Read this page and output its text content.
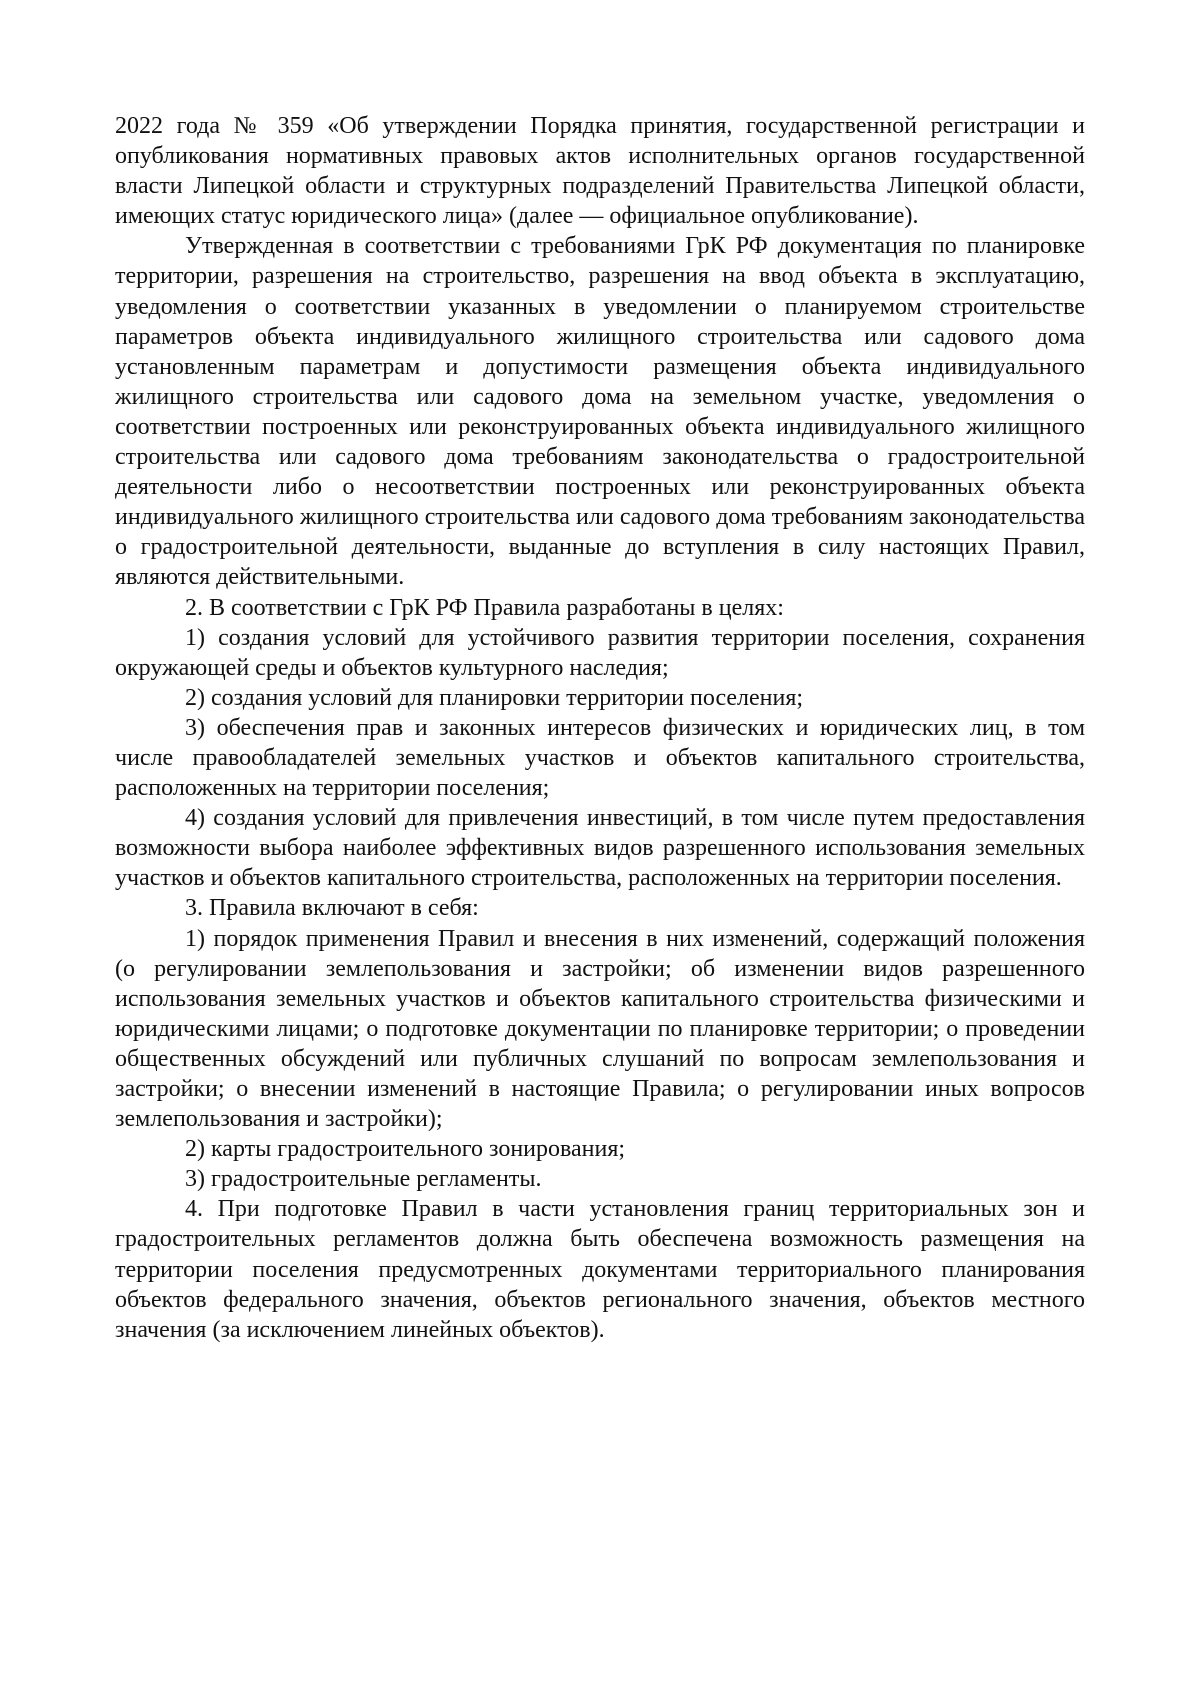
2022 года № 359 «Об утверждении Порядка принятия, государственной регистрации и опубликования нормативных правовых актов исполнительных органов государственной власти Липецкой области и структурных подразделений Правительства Липецкой области, имеющих статус юридического лица» (далее — официальное опубликование).

Утвержденная в соответствии с требованиями ГрК РФ документация по планировке территории, разрешения на строительство, разрешения на ввод объекта в эксплуатацию, уведомления о соответствии указанных в уведомлении о планируемом строительстве параметров объекта индивидуального жилищного строительства или садового дома установленным параметрам и допустимости размещения объекта индивидуального жилищного строительства или садового дома на земельном участке, уведомления о соответствии построенных или реконструированных объекта индивидуального жилищного строительства или садового дома требованиям законодательства о градостроительной деятельности либо о несоответствии построенных или реконструированных объекта индивидуального жилищного строительства или садового дома требованиям законодательства о градостроительной деятельности, выданные до вступления в силу настоящих Правил, являются действительными.

2. В соответствии с ГрК РФ Правила разработаны в целях:

1) создания условий для устойчивого развития территории поселения, сохранения окружающей среды и объектов культурного наследия;

2) создания условий для планировки территории поселения;

3) обеспечения прав и законных интересов физических и юридических лиц, в том числе правообладателей земельных участков и объектов капитального строительства, расположенных на территории поселения;

4) создания условий для привлечения инвестиций, в том числе путем предоставления возможности выбора наиболее эффективных видов разрешенного использования земельных участков и объектов капитального строительства, расположенных на территории поселения.

3. Правила включают в себя:

1) порядок применения Правил и внесения в них изменений, содержащий положения (о регулировании землепользования и застройки; об изменении видов разрешенного использования земельных участков и объектов капитального строительства физическими и юридическими лицами; о подготовке документации по планировке территории; о проведении общественных обсуждений или публичных слушаний по вопросам землепользования и застройки; о внесении изменений в настоящие Правила; о регулировании иных вопросов землепользования и застройки);

2) карты градостроительного зонирования;

3) градостроительные регламенты.

4. При подготовке Правил в части установления границ территориальных зон и градостроительных регламентов должна быть обеспечена возможность размещения на территории поселения предусмотренных документами территориального планирования объектов федерального значения, объектов регионального значения, объектов местного значения (за исключением линейных объектов).
